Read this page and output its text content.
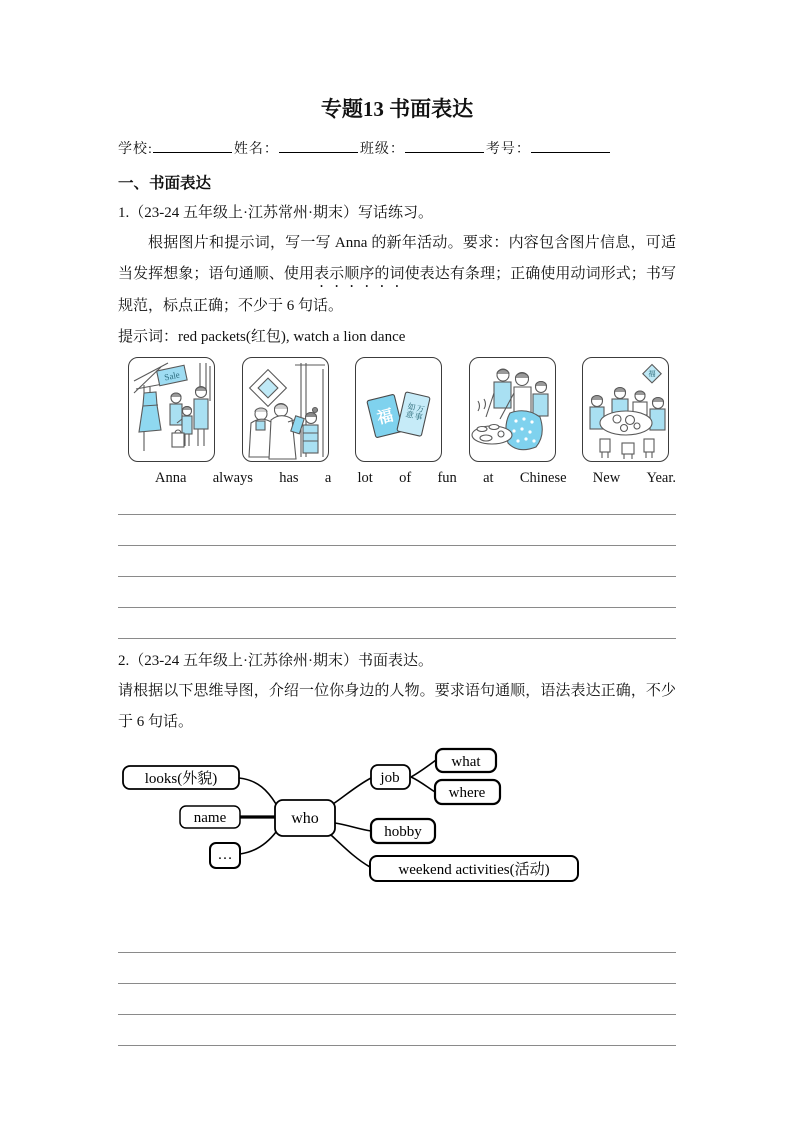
专题13 书面表达
学校:	姓名：	班级：	考号：
一、书面表达

1.（23-24 五年级上·江苏常州·期末）写话练习。

根据图片和提示词，写一写 Anna 的新年活动。要求：内容包含图片信息，可适当发挥想象；语句通顺、使用表示顺序的词使表达有条理；正确使用动词形式；书写规范，标点正确；不少于 6 句话。

提示词：red packets(红包), watch a lion dance

Sale
福 万事
如意
福
Anna always has a lot of fun at Chinese New Year.

2.（23-24 五年级上·江苏徐州·期末）书面表达。

请根据以下思维导图，介绍一位你身边的人物。要求语句通顺，语法表达正确，不少于 6 句话。

looks(外貌)
name
…
who
job
what
where
hobby
weekend activities(活动)
